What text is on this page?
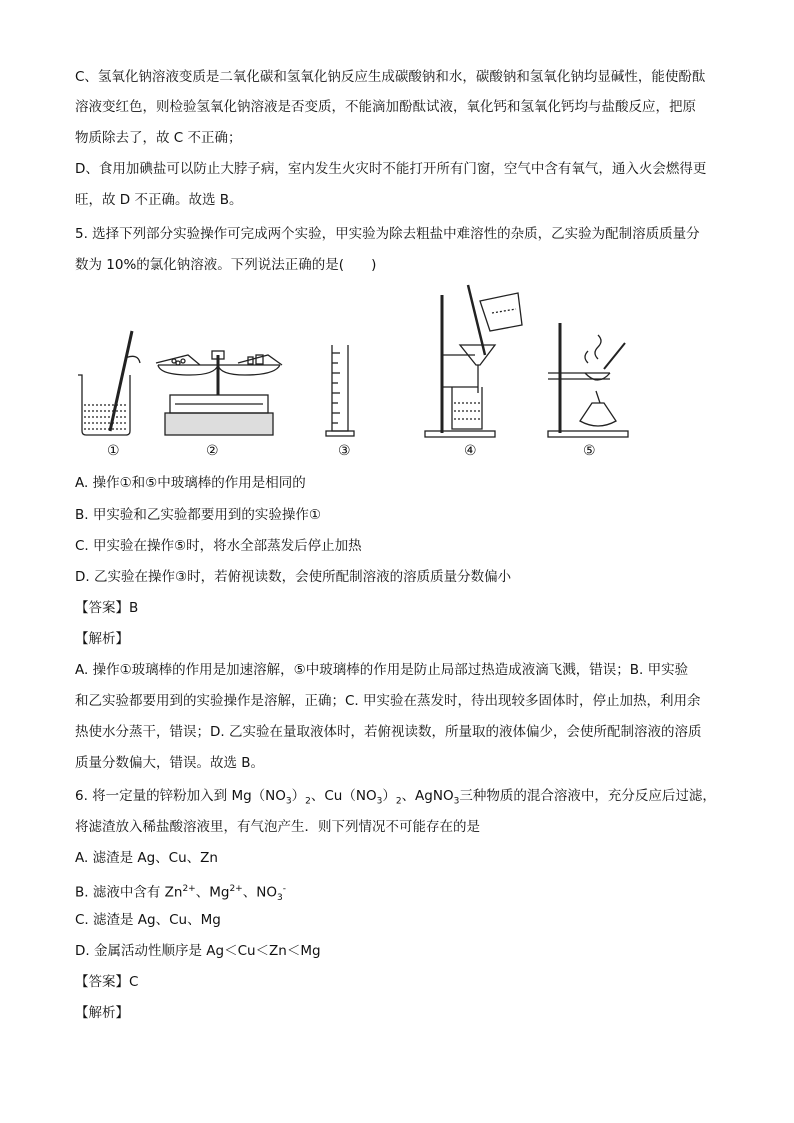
C、氢氧化钠溶液变质是二氧化碳和氢氧化钠反应生成碳酸钠和水，碳酸钠和氢氧化钠均显碱性，能使酚酞
溶液变红色，则检验氢氧化钠溶液是否变质，不能滴加酚酞试液，氧化钙和氢氧化钙均与盐酸反应，把原
物质除去了，故 C 不正确；
D、食用加碘盐可以防止大脖子病，室内发生火灾时不能打开所有门窗，空气中含有氧气，通入火会燃得更
旺，故 D 不正确。故选 B。
5. 选择下列部分实验操作可完成两个实验，甲实验为除去粗盐中难溶性的杂质，乙实验为配制溶质质量分
数为 10%的氯化钠溶液。下列说法正确的是(　　)
①	②	③	④	⑤
A. 操作①和⑤中玻璃棒的作用是相同的
B. 甲实验和乙实验都要用到的实验操作①
C. 甲实验在操作⑤时，将水全部蒸发后停止加热
D. 乙实验在操作③时，若俯视读数，会使所配制溶液的溶质质量分数偏小
【答案】B
【解析】
A. 操作①玻璃棒的作用是加速溶解，⑤中玻璃棒的作用是防止局部过热造成液滴飞溅，错误；B. 甲实验
和乙实验都要用到的实验操作是溶解，正确；C. 甲实验在蒸发时，待出现较多固体时，停止加热，利用余
热使水分蒸干，错误；D. 乙实验在量取液体时，若俯视读数，所量取的液体偏少，会使所配制溶液的溶质
质量分数偏大，错误。故选 B。
6. 将一定量的锌粉加入到 $Mg(NO_3)_2$、$Cu(NO_3)_2$、AgNO$_3$三种物质的混合溶液中，充分反应后过滤，
将滤渣放入稀盐酸溶液里，有气泡产生．则下列情况不可能存在的是
A. 滤渣是 Ag、Cu、Zn
B. 滤液中含有 $Zn^{2+}$、$Mg^{2+}$、$NO_3^-$
C. 滤渣是 Ag、Cu、Mg
D. 金属活动性顺序是 Ag＜Cu＜Zn＜Mg
【答案】C
【解析】
